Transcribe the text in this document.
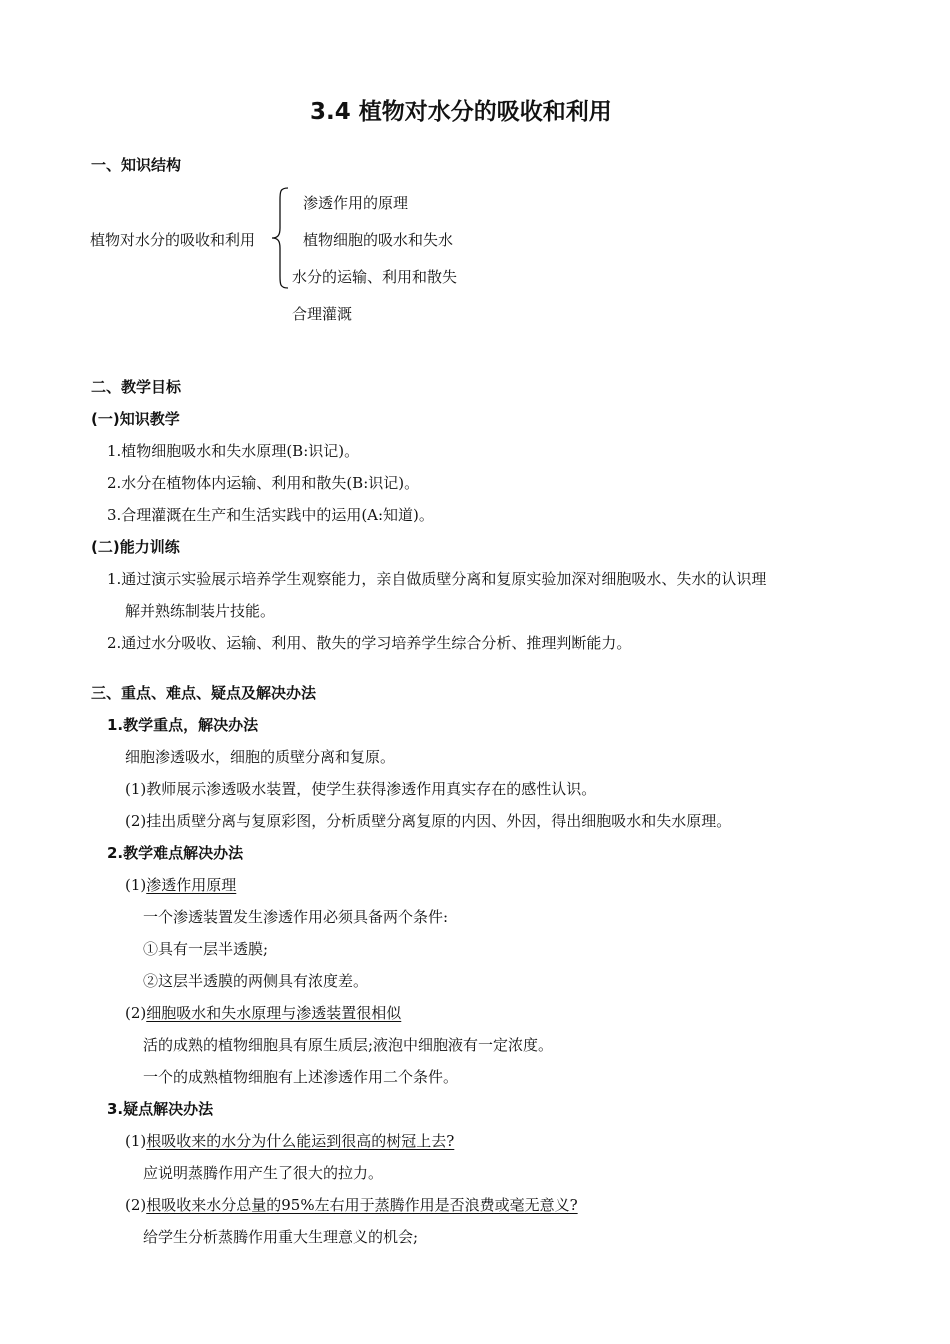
3.4 植物对水分的吸收和利用
一、知识结构
植物对水分的吸收和利用
渗透作用的原理
植物细胞的吸水和失水
水分的运输、利用和散失
合理灌溉
二、教学目标
(一)知识教学
1.植物细胞吸水和失水原理(B:识记)。
2.水分在植物体内运输、利用和散失(B:识记)。
3.合理灌溉在生产和生活实践中的运用(A:知道)。
(二)能力训练
1.通过演示实验展示培养学生观察能力，亲自做质壁分离和复原实验加深对细胞吸水、失水的认识理
解并熟练制装片技能。
2.通过水分吸收、运输、利用、散失的学习培养学生综合分析、推理判断能力。
三、重点、难点、疑点及解决办法
1.教学重点，解决办法
细胞渗透吸水，细胞的质壁分离和复原。
(1)教师展示渗透吸水装置，使学生获得渗透作用真实存在的感性认识。
(2)挂出质壁分离与复原彩图，分析质壁分离复原的内因、外因，得出细胞吸水和失水原理。
2.教学难点解决办法
(1)渗透作用原理
一个渗透装置发生渗透作用必须具备两个条件:
①具有一层半透膜;
②这层半透膜的两侧具有浓度差。
(2)细胞吸水和失水原理与渗透装置很相似
活的成熟的植物细胞具有原生质层;液泡中细胞液有一定浓度。
一个的成熟植物细胞有上述渗透作用二个条件。
3.疑点解决办法
(1)根吸收来的水分为什么能运到很高的树冠上去?
应说明蒸腾作用产生了很大的拉力。
(2)根吸收来水分总量的95%左右用于蒸腾作用是否浪费或毫无意义?
给学生分析蒸腾作用重大生理意义的机会;
